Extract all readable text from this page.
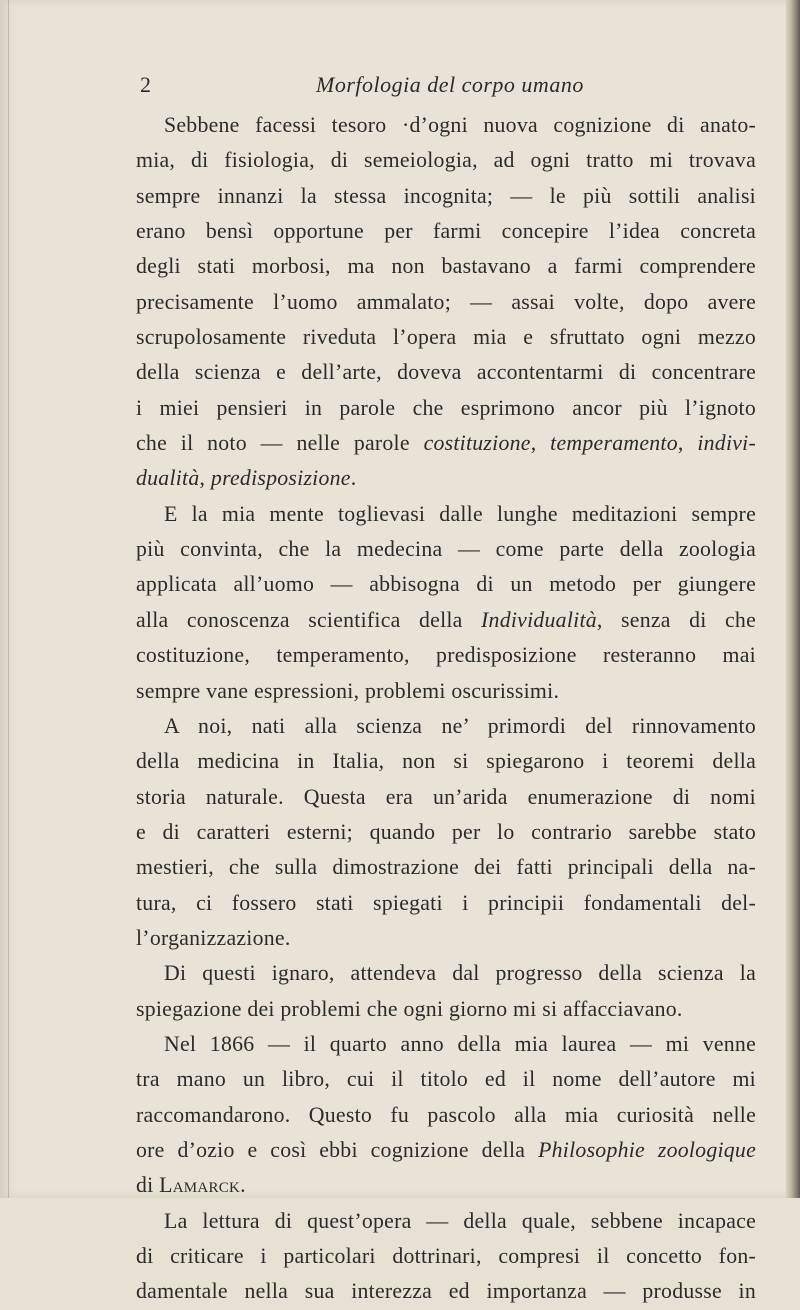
2	Morfologia del corpo umano
Sebbene facessi tesoro ·d’ogni nuova cognizione di anato-
mia, di fisiologia, di semeiologia, ad ogni tratto mi trovava
sempre innanzi la stessa incognita; — le più sottili analisi
erano bensì opportune per farmi concepire l’idea concreta
degli stati morbosi, ma non bastavano a farmi comprendere
precisamente l’uomo ammalato; — assai volte, dopo avere
scrupolosamente riveduta l’opera mia e sfruttato ogni mezzo
della scienza e dell’arte, doveva accontentarmi di concentrare
i miei pensieri in parole che esprimono ancor più l’ignoto
che il noto — nelle parole costituzione, temperamento, indivi-
dualità, predisposizione.
E la mia mente toglievasi dalle lunghe meditazioni sempre
più convinta, che la medecina — come parte della zoologia
applicata all’uomo — abbisogna di un metodo per giungere
alla conoscenza scientifica della Individualità, senza di che
costituzione, temperamento, predisposizione resteranno mai
sempre vane espressioni, problemi oscurissimi.
A noi, nati alla scienza ne’ primordi del rinnovamento
della medicina in Italia, non si spiegarono i teoremi della
storia naturale. Questa era un’arida enumerazione di nomi
e di caratteri esterni; quando per lo contrario sarebbe stato
mestieri, che sulla dimostrazione dei fatti principali della na-
tura, ci fossero stati spiegati i principii fondamentali del-
l’organizzazione.
Di questi ignaro, attendeva dal progresso della scienza la
spiegazione dei problemi che ogni giorno mi si affacciavano.
Nel 1866 — il quarto anno della mia laurea — mi venne
tra mano un libro, cui il titolo ed il nome dell’autore mi
raccomandarono. Questo fu pascolo alla mia curiosità nelle
ore d’ozio e così ebbi cognizione della Philosophie zoologique
di Lamarck.
La lettura di quest’opera — della quale, sebbene incapace
di criticare i particolari dottrinari, compresi il concetto fon-
damentale nella sua interezza ed importanza — produsse in
